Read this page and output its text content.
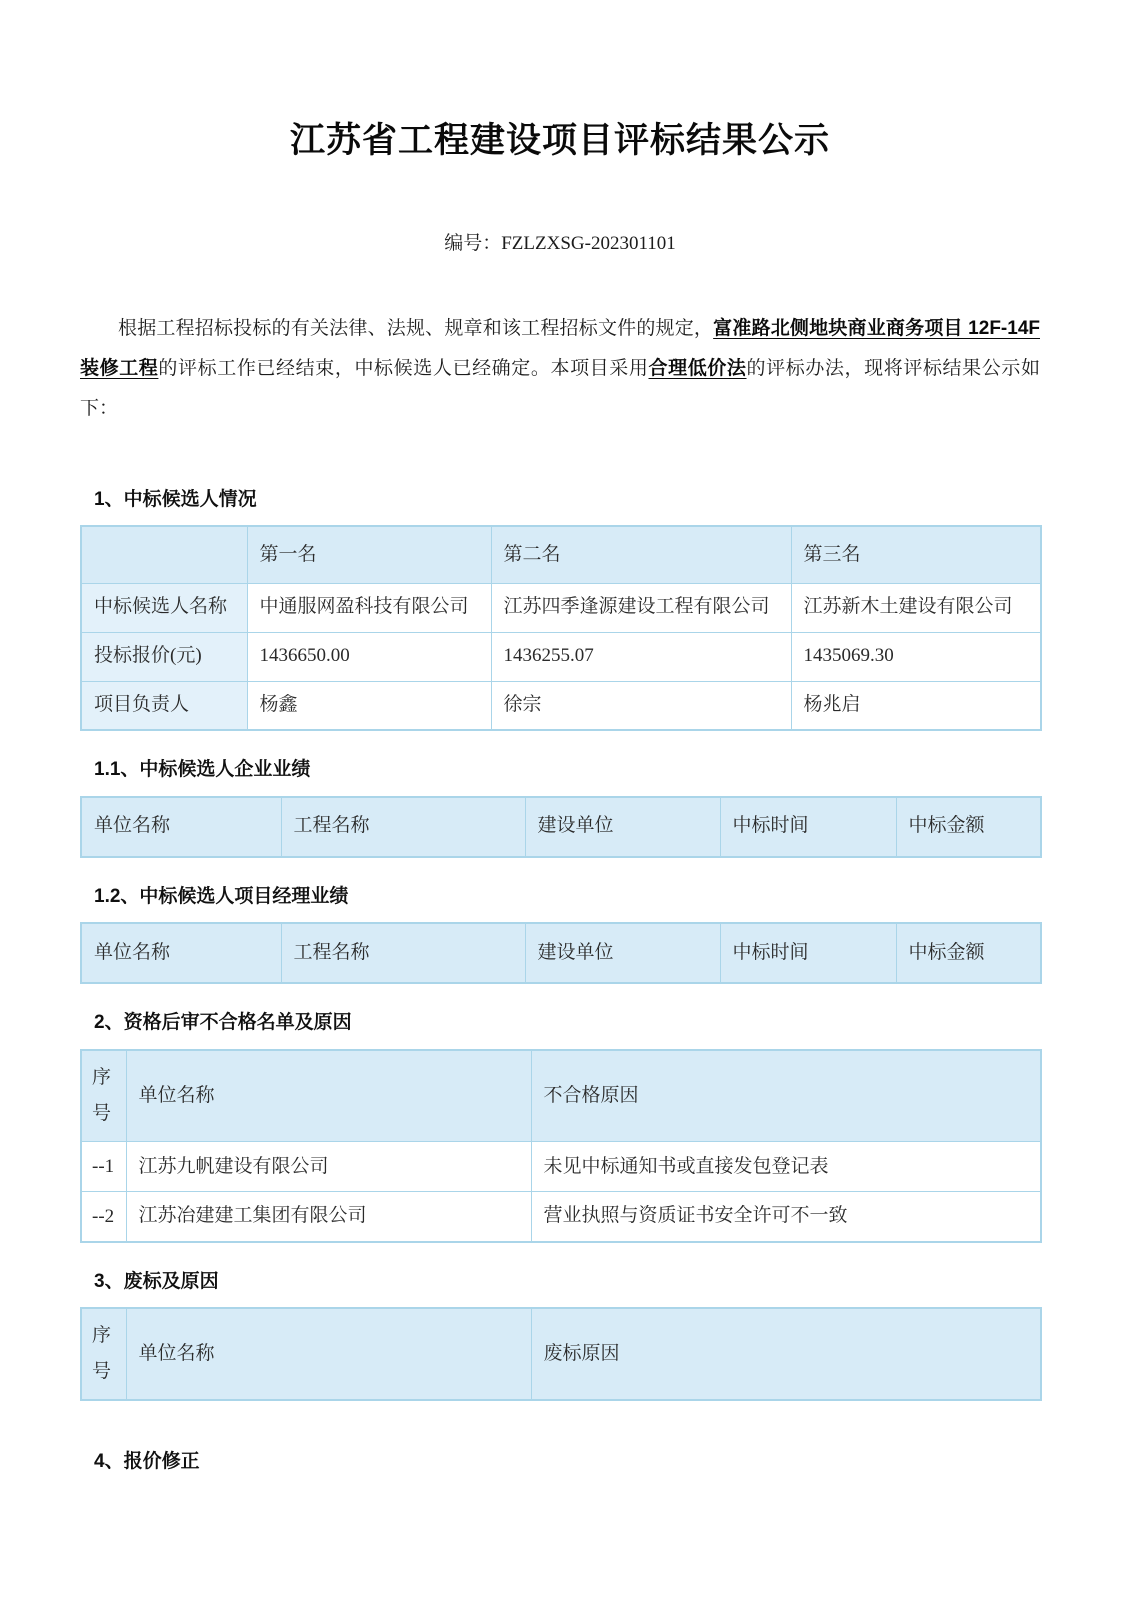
江苏省工程建设项目评标结果公示

编号：FZLZXSG-202301101

根据工程招标投标的有关法律、法规、规章和该工程招标文件的规定，富准路北侧地块商业商务项目 12F-14F装修工程的评标工作已经结束，中标候选人已经确定。本项目采用合理低价法的评标办法，现将评标结果公示如下：

1、中标候选人情况
	第一名	第二名	第三名
中标候选人名称	中通服网盈科技有限公司	江苏四季逢源建设工程有限公司	江苏新木土建设有限公司
投标报价(元)	1436650.00	1436255.07	1435069.30
项目负责人	杨鑫	徐宗	杨兆启
1.1、中标候选人企业业绩
单位名称	工程名称	建设单位	中标时间	中标金额
1.2、中标候选人项目经理业绩
单位名称	工程名称	建设单位	中标时间	中标金额
2、资格后审不合格名单及原因
序号	单位名称	不合格原因
--1	江苏九帆建设有限公司	未见中标通知书或直接发包登记表
--2	江苏冶建建工集团有限公司	营业执照与资质证书安全许可不一致
3、废标及原因
序号	单位名称	废标原因
4、报价修正
